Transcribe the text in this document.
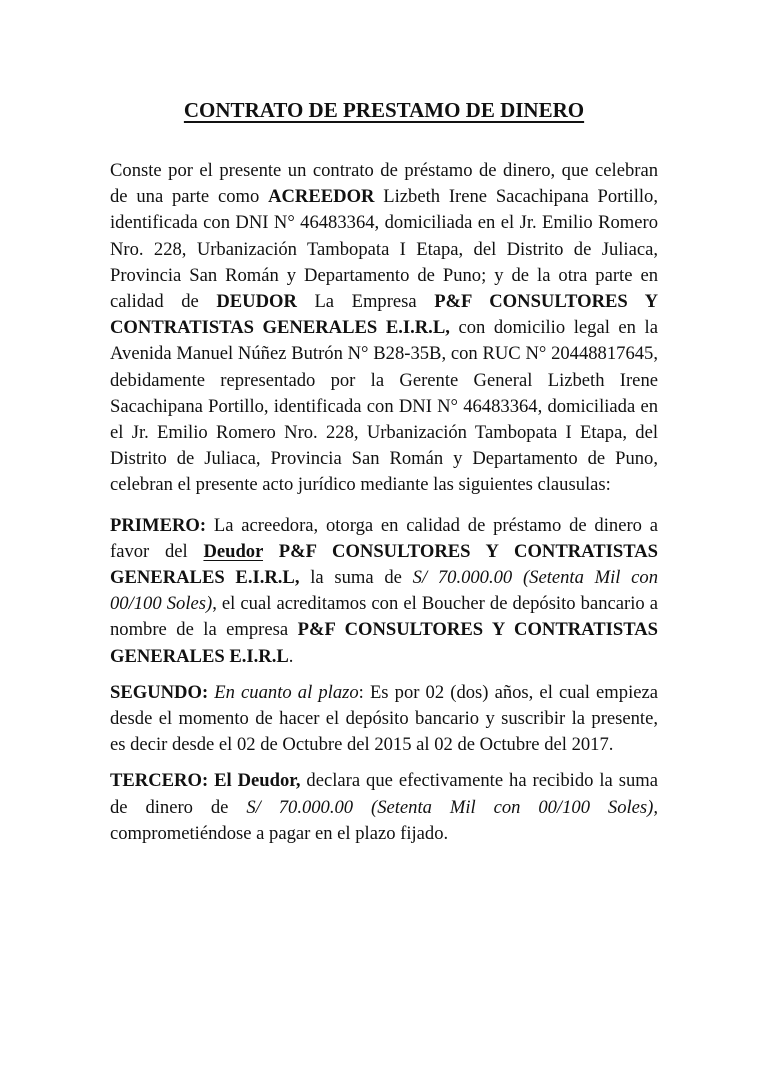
CONTRATO DE PRESTAMO DE DINERO

Conste por el presente un contrato de préstamo de dinero, que celebran de una parte como ACREEDOR Lizbeth Irene Sacachipana Portillo, identificada con DNI N° 46483364, domiciliada en el Jr. Emilio Romero Nro. 228, Urbanización Tambopata I Etapa, del Distrito de Juliaca, Provincia San Román y Departamento de Puno; y de la otra parte en calidad de DEUDOR La Empresa P&F CONSULTORES Y CONTRATISTAS GENERALES E.I.R.L, con domicilio legal en la Avenida Manuel Núñez Butrón N° B28-35B, con RUC N° 20448817645, debidamente representado por la Gerente General Lizbeth Irene Sacachipana Portillo, identificada con DNI N° 46483364, domiciliada en el Jr. Emilio Romero Nro. 228, Urbanización Tambopata I Etapa, del Distrito de Juliaca, Provincia San Román y Departamento de Puno, celebran el presente acto jurídico mediante las siguientes clausulas:

PRIMERO: La acreedora, otorga en calidad de préstamo de dinero a favor del Deudor P&F CONSULTORES Y CONTRATISTAS GENERALES E.I.R.L, la suma de S/ 70.000.00 (Setenta Mil con 00/100 Soles), el cual acreditamos con el Boucher de depósito bancario a nombre de la empresa P&F CONSULTORES Y CONTRATISTAS GENERALES E.I.R.L.

SEGUNDO: En cuanto al plazo: Es por 02 (dos) años, el cual empieza desde el momento de hacer el depósito bancario y suscribir la presente, es decir desde el 02 de Octubre del 2015 al 02 de Octubre del 2017.

TERCERO: El Deudor, declara que efectivamente ha recibido la suma de dinero de S/ 70.000.00 (Setenta Mil con 00/100 Soles), comprometiéndose a pagar en el plazo fijado.
